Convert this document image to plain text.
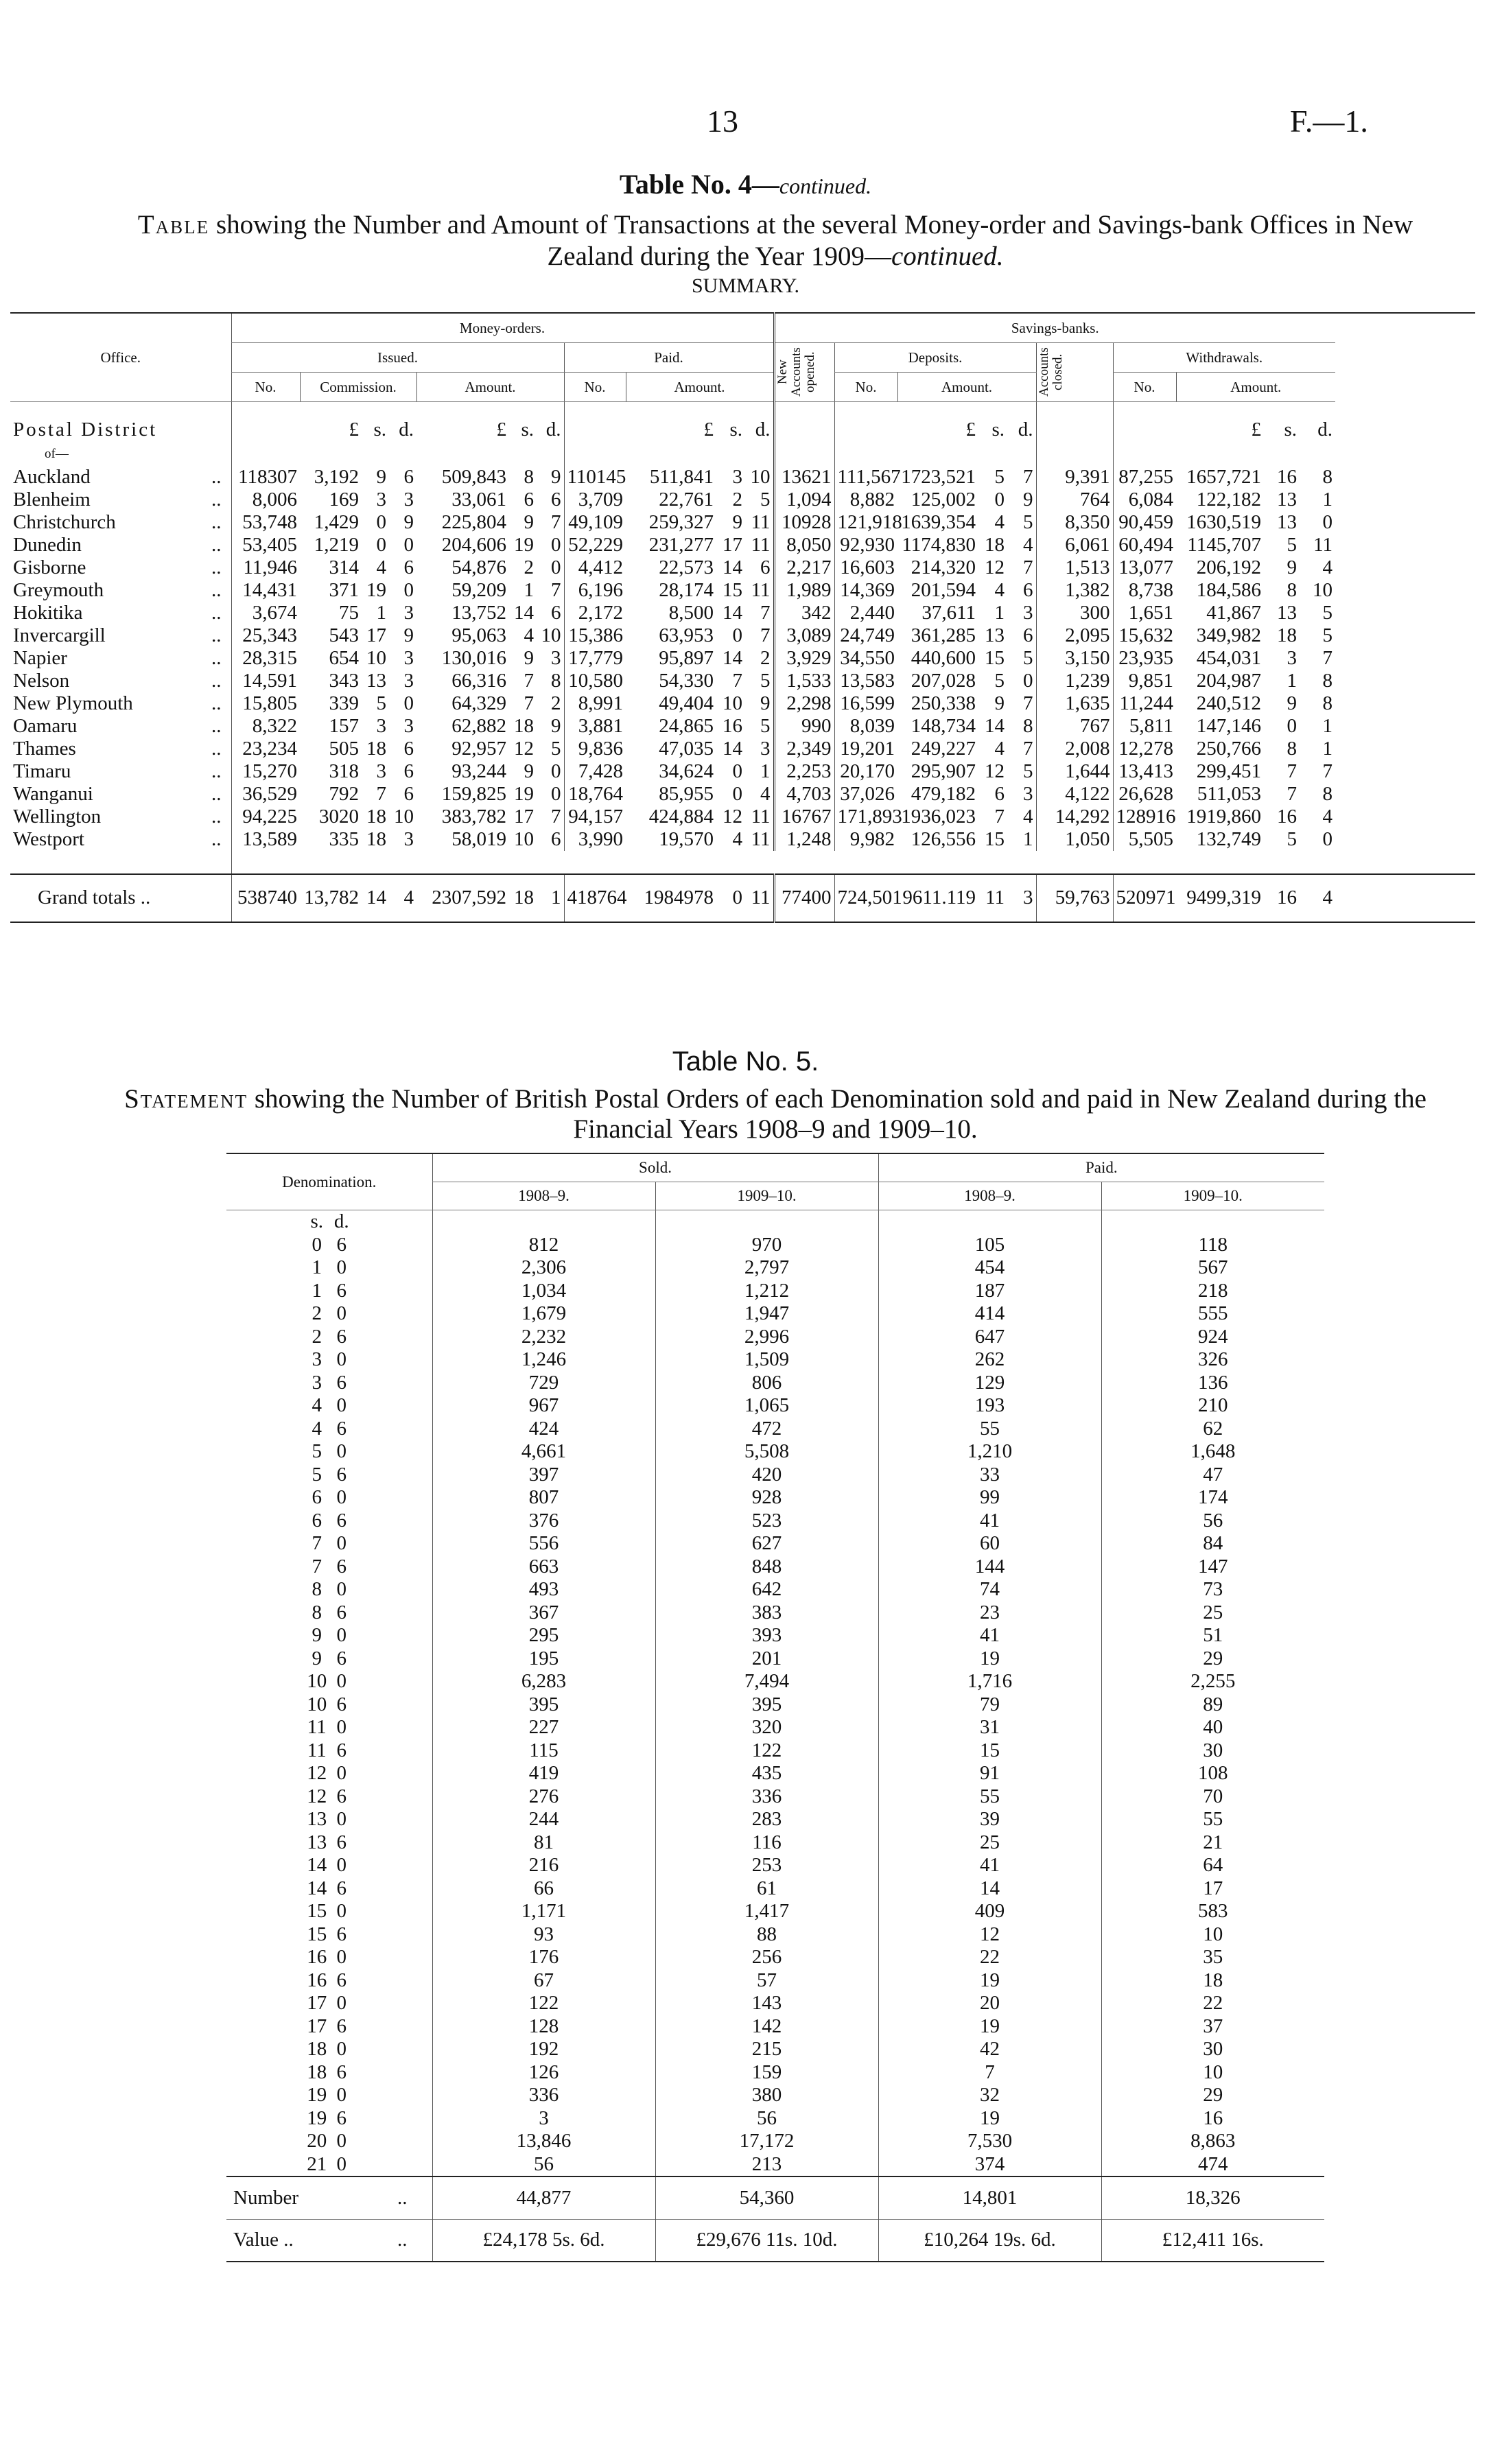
13	F.—1.
Table No. 4—continued.
Table showing the Number and Amount of Transactions at the several Money-order and Savings-bank Offices in New Zealand during the Year 1909—continued.
SUMMARY.
Office.	Money-orders.											Savings-banks.									
	Issued.							Paid.				New Accounts opened.	Deposits.				Accounts closed.	Withdrawals.			
	No.	Commission.			Amount.			No.	Amount.				No.	Amount.				No.	Amount.		
Postal District		£	s.	d.	£	s.	d.		£	s.	d.			£	s.	d.			£	s.	d.
of—																					
Auckland ..	118307	3,192	9	6	509,843	8	9	110145	511,841	3	10	13621	111,567	1723,521	5	7	9,391	87,255	1657,721	16	8
Blenheim ..	8,006	169	3	3	33,061	6	6	3,709	22,761	2	5	1,094	8,882	125,002	0	9	764	6,084	122,182	13	1
Christchurch ..	53,748	1,429	0	9	225,804	9	7	49,109	259,327	9	11	10928	121,918	1639,354	4	5	8,350	90,459	1630,519	13	0
Dunedin ..	53,405	1,219	0	0	204,606	19	0	52,229	231,277	17	11	8,050	92,930	1174,830	18	4	6,061	60,494	1145,707	5	11
Gisborne ..	11,946	314	4	6	54,876	2	0	4,412	22,573	14	6	2,217	16,603	214,320	12	7	1,513	13,077	206,192	9	4
Greymouth ..	14,431	371	19	0	59,209	1	7	6,196	28,174	15	11	1,989	14,369	201,594	4	6	1,382	8,738	184,586	8	10
Hokitika ..	3,674	75	1	3	13,752	14	6	2,172	8,500	14	7	342	2,440	37,611	1	3	300	1,651	41,867	13	5
Invercargill ..	25,343	543	17	9	95,063	4	10	15,386	63,953	0	7	3,089	24,749	361,285	13	6	2,095	15,632	349,982	18	5
Napier ..	28,315	654	10	3	130,016	9	3	17,779	95,897	14	2	3,929	34,550	440,600	15	5	3,150	23,935	454,031	3	7
Nelson ..	14,591	343	13	3	66,316	7	8	10,580	54,330	7	5	1,533	13,583	207,028	5	0	1,239	9,851	204,987	1	8
New Plymouth ..	15,805	339	5	0	64,329	7	2	8,991	49,404	10	9	2,298	16,599	250,338	9	7	1,635	11,244	240,512	9	8
Oamaru ..	8,322	157	3	3	62,882	18	9	3,881	24,865	16	5	990	8,039	148,734	14	8	767	5,811	147,146	0	1
Thames ..	23,234	505	18	6	92,957	12	5	9,836	47,035	14	3	2,349	19,201	249,227	4	7	2,008	12,278	250,766	8	1
Timaru ..	15,270	318	3	6	93,244	9	0	7,428	34,624	0	1	2,253	20,170	295,907	12	5	1,644	13,413	299,451	7	7
Wanganui ..	36,529	792	7	6	159,825	19	0	18,764	85,955	0	4	4,703	37,026	479,182	6	3	4,122	26,628	511,053	7	8
Wellington ..	94,225	3020	18	10	383,782	17	7	94,157	424,884	12	11	16767	171,893	1936,023	7	4	14,292	128916	1919,860	16	4
Westport ..	13,589	335	18	3	58,019	10	6	3,990	19,570	4	11	1,248	9,982	126,556	15	1	1,050	5,505	132,749	5	0

Grand totals ..	538740	13,782	14	4	2307,592	18	1	418764	1984978	0	11	77400	724,501	9611.119	11	3	59,763	520971	9499,319	16	4
Table No. 5.
Statement showing the Number of British Postal Orders of each Denomination sold and paid in New Zealand during the Financial Years 1908–9 and 1909–10.
Denomination.	Sold.		Paid.	
	1908–9.	1909–10.	1908–9.	1909–10.
s. d.				
0 6	812	970	105	118
1 0	2,306	2,797	454	567
1 6	1,034	1,212	187	218
2 0	1,679	1,947	414	555
2 6	2,232	2,996	647	924
3 0	1,246	1,509	262	326
3 6	729	806	129	136
4 0	967	1,065	193	210
4 6	424	472	55	62
5 0	4,661	5,508	1,210	1,648
5 6	397	420	33	47
6 0	807	928	99	174
6 6	376	523	41	56
7 0	556	627	60	84
7 6	663	848	144	147
8 0	493	642	74	73
8 6	367	383	23	25
9 0	295	393	41	51
9 6	195	201	19	29
10 0	6,283	7,494	1,716	2,255
10 6	395	395	79	89
11 0	227	320	31	40
11 6	115	122	15	30
12 0	419	435	91	108
12 6	276	336	55	70
13 0	244	283	39	55
13 6	81	116	25	21
14 0	216	253	41	64
14 6	66	61	14	17
15 0	1,171	1,417	409	583
15 6	93	88	12	10
16 0	176	256	22	35
16 6	67	57	19	18
17 0	122	143	20	22
17 6	128	142	19	37
18 0	192	215	42	30
18 6	126	159	7	10
19 0	336	380	32	29
19 6	3	56	19	16
20 0	13,846	17,172	7,530	8,863
21 0	56	213	374	474
Number ..	44,877	54,360	14,801	18,326
Value .. ..	£24,178 5s. 6d.	£29,676 11s. 10d.	£10,264 19s. 6d.	£12,411 16s.
